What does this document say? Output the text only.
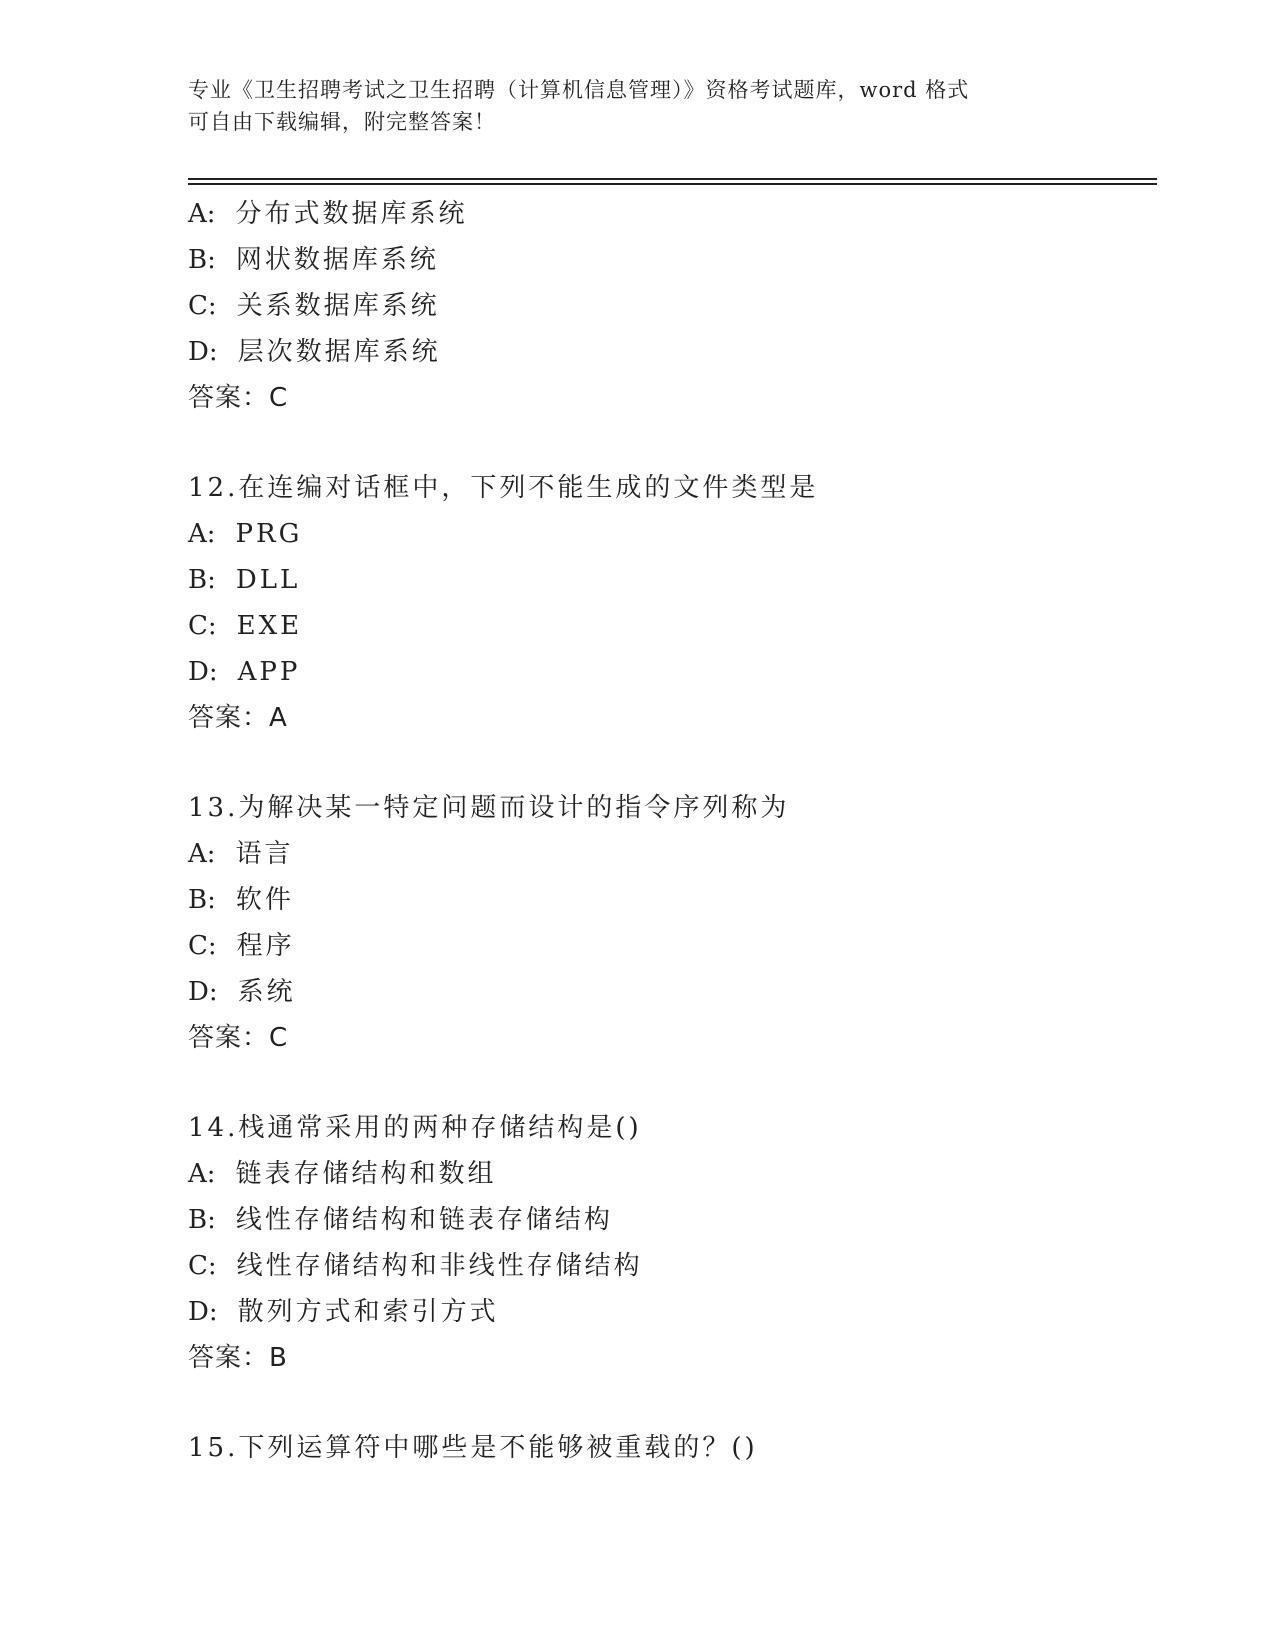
专业《卫生招聘考试之卫生招聘（计算机信息管理）》资格考试题库，word 格式
可自由下载编辑，附完整答案！
A: 分布式数据库系统
B: 网状数据库系统
C: 关系数据库系统
D: 层次数据库系统
答案：C
12.在连编对话框中，下列不能生成的文件类型是
A: PRG
B: DLL
C: EXE
D: APP
答案：A
13.为解决某一特定问题而设计的指令序列称为
A: 语言
B: 软件
C: 程序
D: 系统
答案：C
14.栈通常采用的两种存储结构是()
A: 链表存储结构和数组
B: 线性存储结构和链表存储结构
C: 线性存储结构和非线性存储结构
D: 散列方式和索引方式
答案：B
15.下列运算符中哪些是不能够被重载的？()
